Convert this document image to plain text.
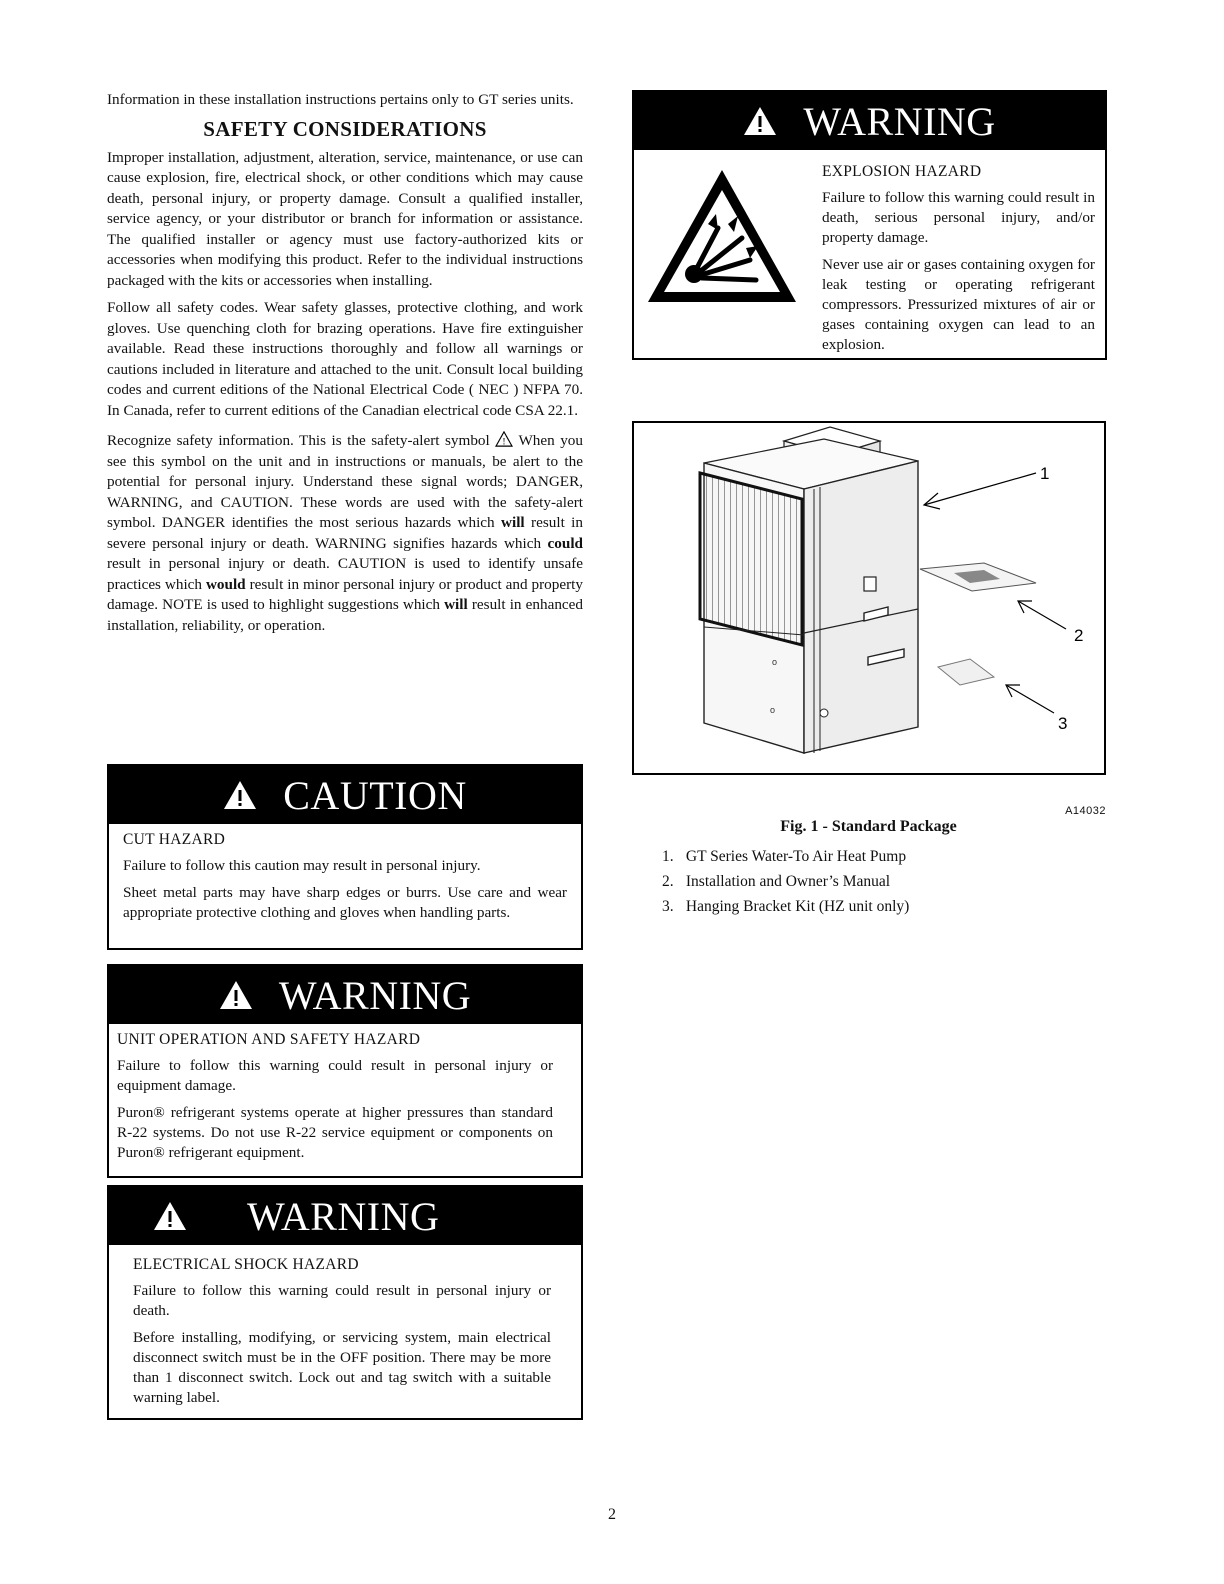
Information in these installation instructions pertains only to GT series units.

SAFETY CONSIDERATIONS

Improper installation, adjustment, alteration, service, maintenance, or use can cause explosion, fire, electrical shock, or other conditions which may cause death, personal injury, or property damage. Consult a qualified installer, service agency, or your distributor or branch for information or assistance. The qualified installer or agency must use factory-authorized kits or accessories when modifying this product. Refer to the individual instructions packaged with the kits or accessories when installing.

Follow all safety codes. Wear safety glasses, protective clothing, and work gloves. Use quenching cloth for brazing operations. Have fire extinguisher available. Read these instructions thoroughly and follow all warnings or cautions included in literature and attached to the unit. Consult local building codes and current editions of the National Electrical Code ( NEC ) NFPA 70. In Canada, refer to current editions of the Canadian electrical code CSA 22.1.

Recognize safety information. This is the safety-alert symbol ! When you see this symbol on the unit and in instructions or manuals, be alert to the potential for personal injury. Understand these signal words; DANGER, WARNING, and CAUTION. These words are used with the safety-alert symbol. DANGER identifies the most serious hazards which will result in severe personal injury or death. WARNING signifies hazards which could result in personal injury or death. CAUTION is used to identify unsafe practices which would result in minor personal injury or product and property damage. NOTE is used to highlight suggestions which will result in enhanced installation, reliability, or operation.

CAUTION
CUT HAZARD

Failure to follow this caution may result in personal injury.

Sheet metal parts may have sharp edges or burrs. Use care and wear appropriate protective clothing and gloves when handling parts.

WARNING
UNIT OPERATION AND SAFETY HAZARD

Failure to follow this warning could result in personal injury or equipment damage.

Puron® refrigerant systems operate at higher pressures than standard R-22 systems. Do not use R-22 service equipment or components on Puron® refrigerant equipment.

WARNING
ELECTRICAL SHOCK HAZARD

Failure to follow this warning could result in personal injury or death.

Before installing, modifying, or servicing system, main electrical disconnect switch must be in the OFF position. There may be more than 1 disconnect switch. Lock out and tag switch with a suitable warning label.

WARNING
EXPLOSION HAZARD

Failure to follow this warning could result in death, serious personal injury, and/or property damage.

Never use air or gases containing oxygen for leak testing or operating refrigerant compressors. Pressurized mixtures of air or gases containing oxygen can lead to an explosion.

o
o
1
2
3
A14032
Fig. 1 - Standard Package
1. GT Series Water-To Air Heat Pump
2. Installation and Owner’s Manual
3. Hanging Bracket Kit (HZ unit only)
2
